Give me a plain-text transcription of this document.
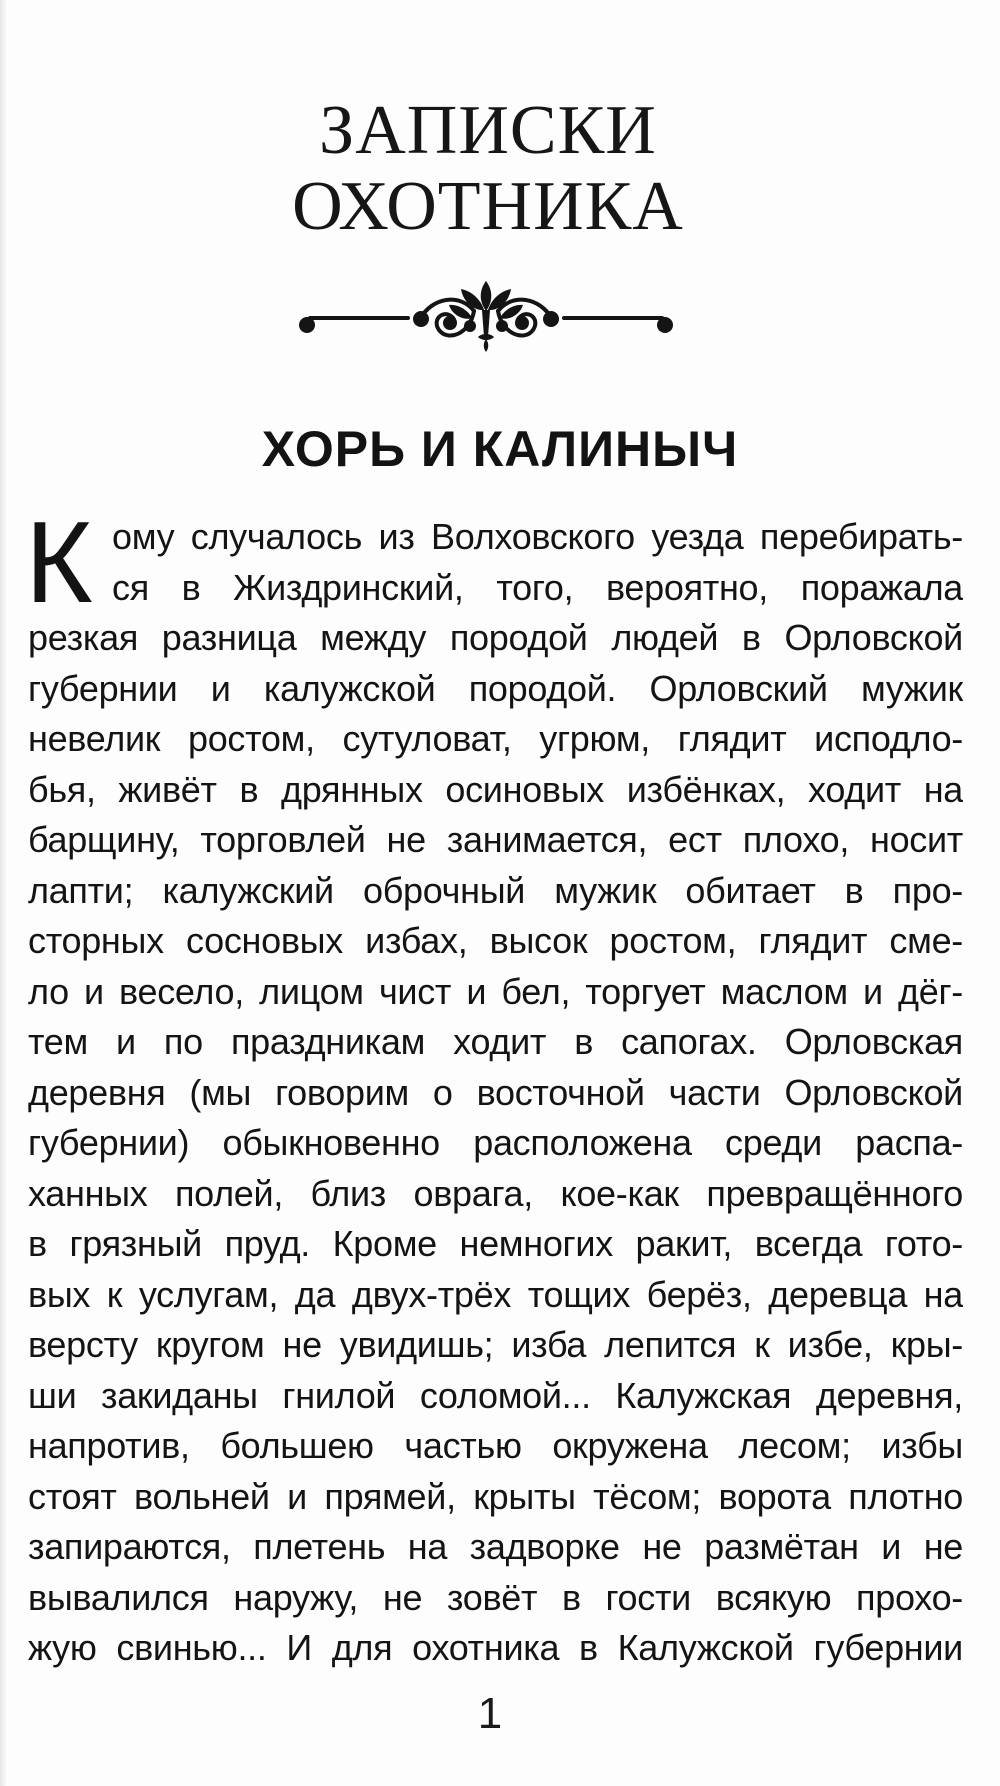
ЗАПИСКИ
ОХОТНИКА
ХОРЬ И КАЛИНЫЧ
К ому случалось из Волховского уезда перебирать-
ся в Жиздринский, того, вероятно, поражала
резкая разница между породой людей в Орловской
губернии и калужской породой. Орловский мужик
невелик ростом, сутуловат, угрюм, глядит исподло-
бья, живёт в дрянных осиновых избёнках, ходит на
барщину, торговлей не занимается, ест плохо, носит
лапти; калужский оброчный мужик обитает в про-
сторных сосновых избах, высок ростом, глядит сме-
ло и весело, лицом чист и бел, торгует маслом и дёг-
тем и по праздникам ходит в сапогах. Орловская
деревня (мы говорим о восточной части Орловской
губернии) обыкновенно расположена среди распа-
ханных полей, близ оврага, кое-как превращённого
в грязный пруд. Кроме немногих ракит, всегда гото-
вых к услугам, да двух-трёх тощих берёз, деревца на
версту кругом не увидишь; изба лепится к избе, кры-
ши закиданы гнилой соломой... Калужская деревня,
напротив, большею частью окружена лесом; избы
стоят вольней и прямей, крыты тёсом; ворота плотно
запираются, плетень на задворке не размётан и не
вывалился наружу, не зовёт в гости всякую прохо-
жую свинью... И для охотника в Калужской губернии
1
